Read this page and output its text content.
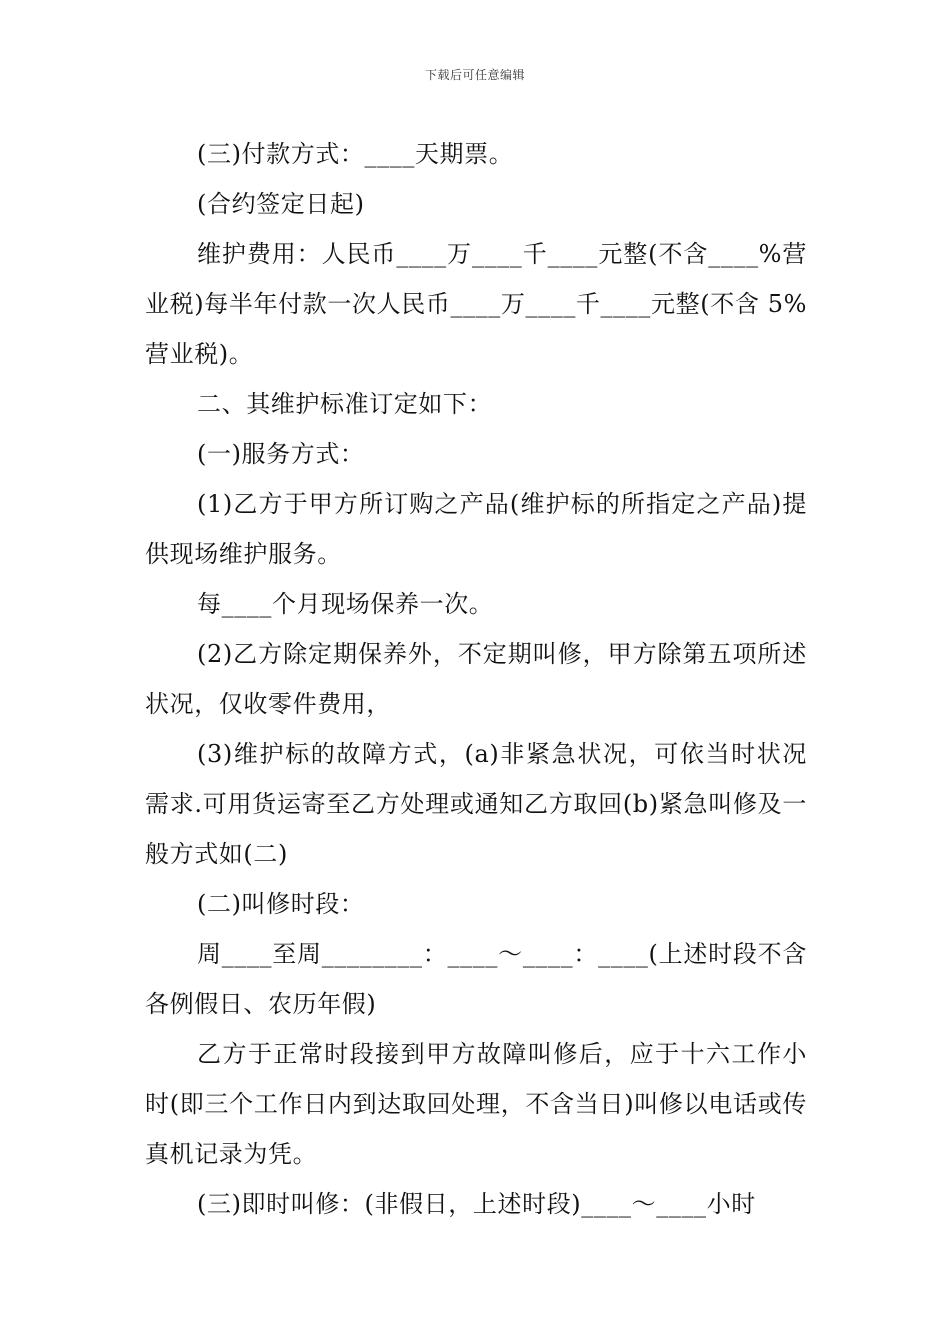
下载后可任意编辑

(三)付款方式：____天期票。

(合约签定日起)

维护费用：人民币____万____千____元整(不含____%营业税)每半年付款一次人民币____万____千____元整(不含 5%营业税)。

二、其维护标准订定如下：

(一)服务方式：

(1)乙方于甲方所订购之产品(维护标的所指定之产品)提供现场维护服务。

每____个月现场保养一次。

(2)乙方除定期保养外，不定期叫修，甲方除第五项所述状况，仅收零件费用，

(3)维护标的故障方式，(a)非紧急状况，可依当时状况需求.可用货运寄至乙方处理或通知乙方取回(b)紧急叫修及一般方式如(二)

(二)叫修时段：

周____至周________：____～____：____(上述时段不含各例假日、农历年假)

乙方于正常时段接到甲方故障叫修后，应于十六工作小时(即三个工作日内到达取回处理，不含当日)叫修以电话或传真机记录为凭。

(三)即时叫修：(非假日，上述时段)____～____小时
